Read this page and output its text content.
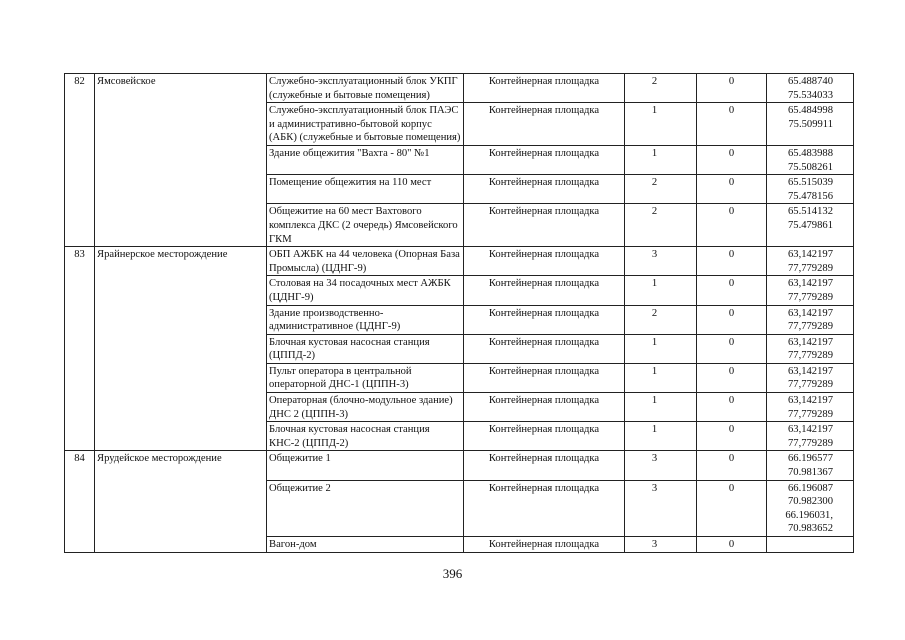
82	Ямсовейское	Служебно-эксплуатационный блок УКПГ (служебные и бытовые помещения)	Контейнерная площадка	2	0	65.488740
75.534033

		Служебно-эксплуатационный блок ПАЭС и административно-бытовой корпус (АБК) (служебные и бытовые помещения)	Контейнерная площадка	1	0	65.484998
75.509911

		Здание общежития "Вахта - 80" №1	Контейнерная площадка	1	0	65.483988
75.508261

		Помещение общежития на 110 мест	Контейнерная площадка	2	0	65.515039
75.478156

		Общежитие на 60 мест Вахтового комплекса ДКС (2 очередь) Ямсовейского ГКМ	Контейнерная площадка	2	0	65.514132
75.479861

83	Ярайнерское месторождение	ОБП АЖБК на 44 человека (Опорная База Промысла) (ЦДНГ-9)	Контейнерная площадка	3	0	63,142197
77,779289

		Столовая на 34 посадочных мест АЖБК (ЦДНГ-9)	Контейнерная площадка	1	0	63,142197
77,779289

		Здание производственно-административное (ЦДНГ-9)	Контейнерная площадка	2	0	63,142197
77,779289

		Блочная кустовая насосная станция (ЦППД-2)	Контейнерная площадка	1	0	63,142197
77,779289

		Пульт оператора в центральной операторной ДНС-1 (ЦППН-3)	Контейнерная площадка	1	0	63,142197
77,779289

		Операторная (блочно-модульное здание) ДНС 2 (ЦППН-3)	Контейнерная площадка	1	0	63,142197
77,779289

		Блочная кустовая насосная станция КНС-2 (ЦППД-2)	Контейнерная площадка	1	0	63,142197
77,779289

84	Ярудейское месторождение	Общежитие 1	Контейнерная площадка	3	0	66.196577
70.981367

		Общежитие 2	Контейнерная площадка	3	0	66.196087
70.982300
66.196031,
70.983652

		Вагон-дом	Контейнерная площадка	3	0	
396
